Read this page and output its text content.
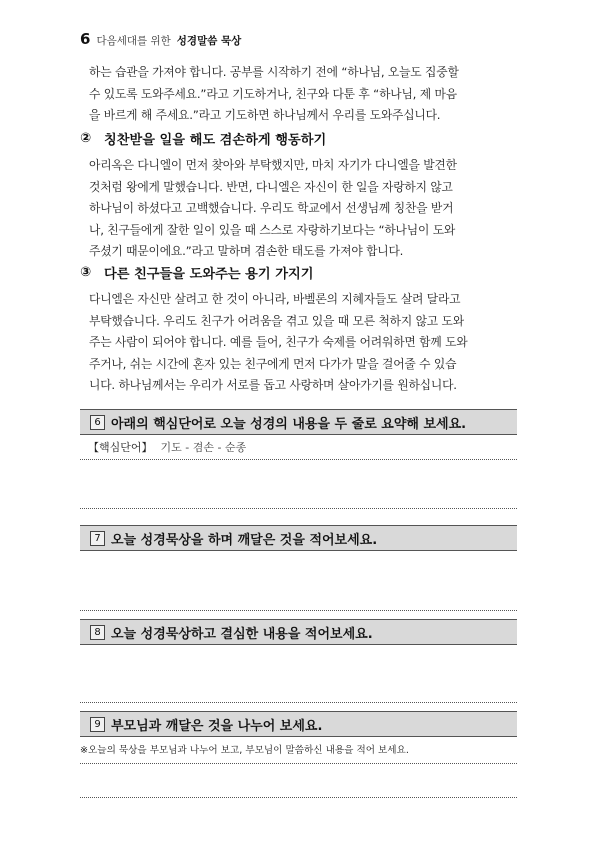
6 다음세대를 위한 성경말씀 묵상
하는 습관을 가져야 합니다. 공부를 시작하기 전에 “하나님, 오늘도 집중할
수 있도록 도와주세요.”라고 기도하거나, 친구와 다툰 후 “하나님, 제 마음
을 바르게 해 주세요.”라고 기도하면 하나님께서 우리를 도와주십니다.
② 칭찬받을 일을 해도 겸손하게 행동하기
아리옥은 다니엘이 먼저 찾아와 부탁했지만, 마치 자기가 다니엘을 발견한
것처럼 왕에게 말했습니다. 반면, 다니엘은 자신이 한 일을 자랑하지 않고
하나님이 하셨다고 고백했습니다. 우리도 학교에서 선생님께 칭찬을 받거
나, 친구들에게 잘한 일이 있을 때 스스로 자랑하기보다는 “하나님이 도와
주셨기 때문이에요.”라고 말하며 겸손한 태도를 가져야 합니다.
③ 다른 친구들을 도와주는 용기 가지기
다니엘은 자신만 살려고 한 것이 아니라, 바벨론의 지혜자들도 살려 달라고
부탁했습니다. 우리도 친구가 어려움을 겪고 있을 때 모른 척하지 않고 도와
주는 사람이 되어야 합니다. 예를 들어, 친구가 숙제를 어려워하면 함께 도와
주거나, 쉬는 시간에 혼자 있는 친구에게 먼저 다가가 말을 걸어줄 수 있습
니다. 하나님께서는 우리가 서로를 돕고 사랑하며 살아가기를 원하십니다.
6 아래의 핵심단어로 오늘 성경의 내용을 두 줄로 요약해 보세요.
【핵심단어】 기도 - 겸손 - 순종
7 오늘 성경묵상을 하며 깨달은 것을 적어보세요.
8 오늘 성경묵상하고 결심한 내용을 적어보세요.
9 부모님과 깨달은 것을 나누어 보세요.
※오늘의 묵상을 부모님과 나누어 보고, 부모님이 말씀하신 내용을 적어 보세요.
